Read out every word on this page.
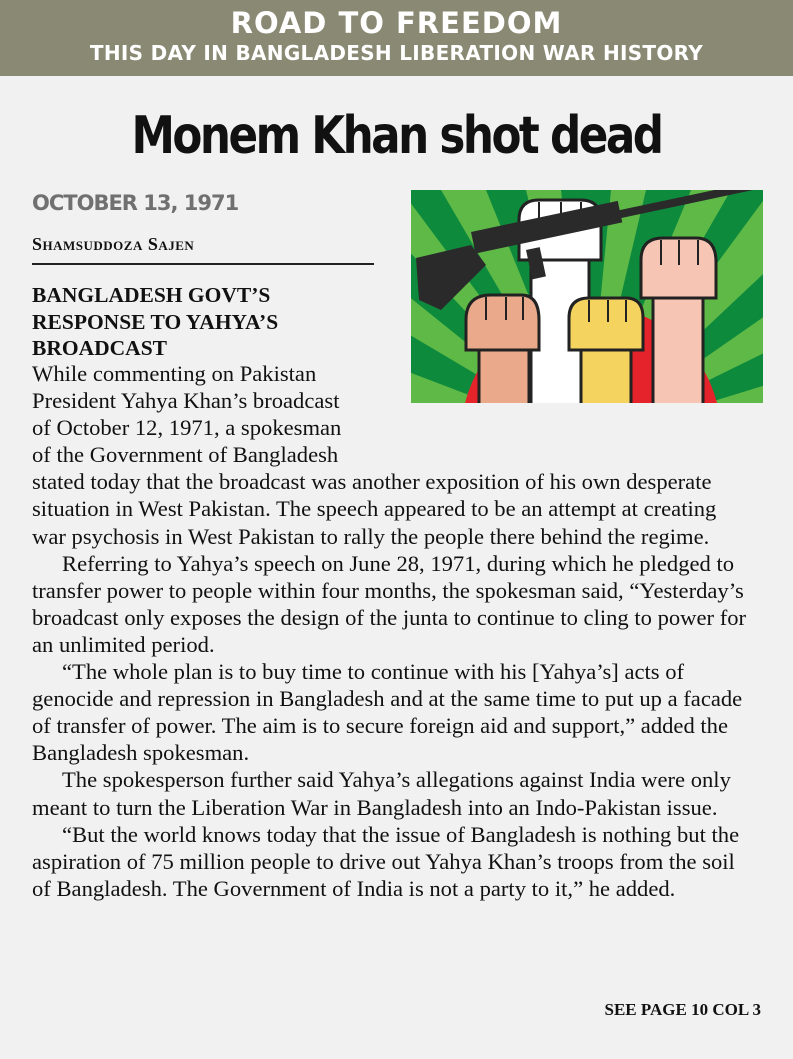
ROAD TO FREEDOM
THIS DAY IN BANGLADESH LIBERATION WAR HISTORY
Monem Khan shot dead
OCTOBER 13, 1971
Shamsuddoza Sajen
BANGLADESH GOVT’S RESPONSE TO YAHYA’S BROADCAST

While commenting on Pakistan President Yahya Khan’s broadcast of October 12, 1971, a spokesman of the Government of Bangladesh stated today that the broadcast was another exposition of his own desperate situation in West Pakistan. The speech appeared to be an attempt at creating war psychosis in West Pakistan to rally the people there behind the regime.

Referring to Yahya’s speech on June 28, 1971, during which he pledged to transfer power to people within four months, the spokesman said, “Yesterday’s broadcast only exposes the design of the junta to continue to cling to power for an unlimited period.

“The whole plan is to buy time to continue with his [Yahya’s] acts of genocide and repression in Bangladesh and at the same time to put up a facade of transfer of power. The aim is to secure foreign aid and support,” added the Bangladesh spokesman.

The spokesperson further said Yahya’s allegations against India were only meant to turn the Liberation War in Bangladesh into an Indo-Pakistan issue.

“But the world knows today that the issue of Bangladesh is nothing but the aspiration of 75 million people to drive out Yahya Khan’s troops from the soil of Bangladesh. The Government of India is not a party to it,” he added.

SEE PAGE 10 COL 3
